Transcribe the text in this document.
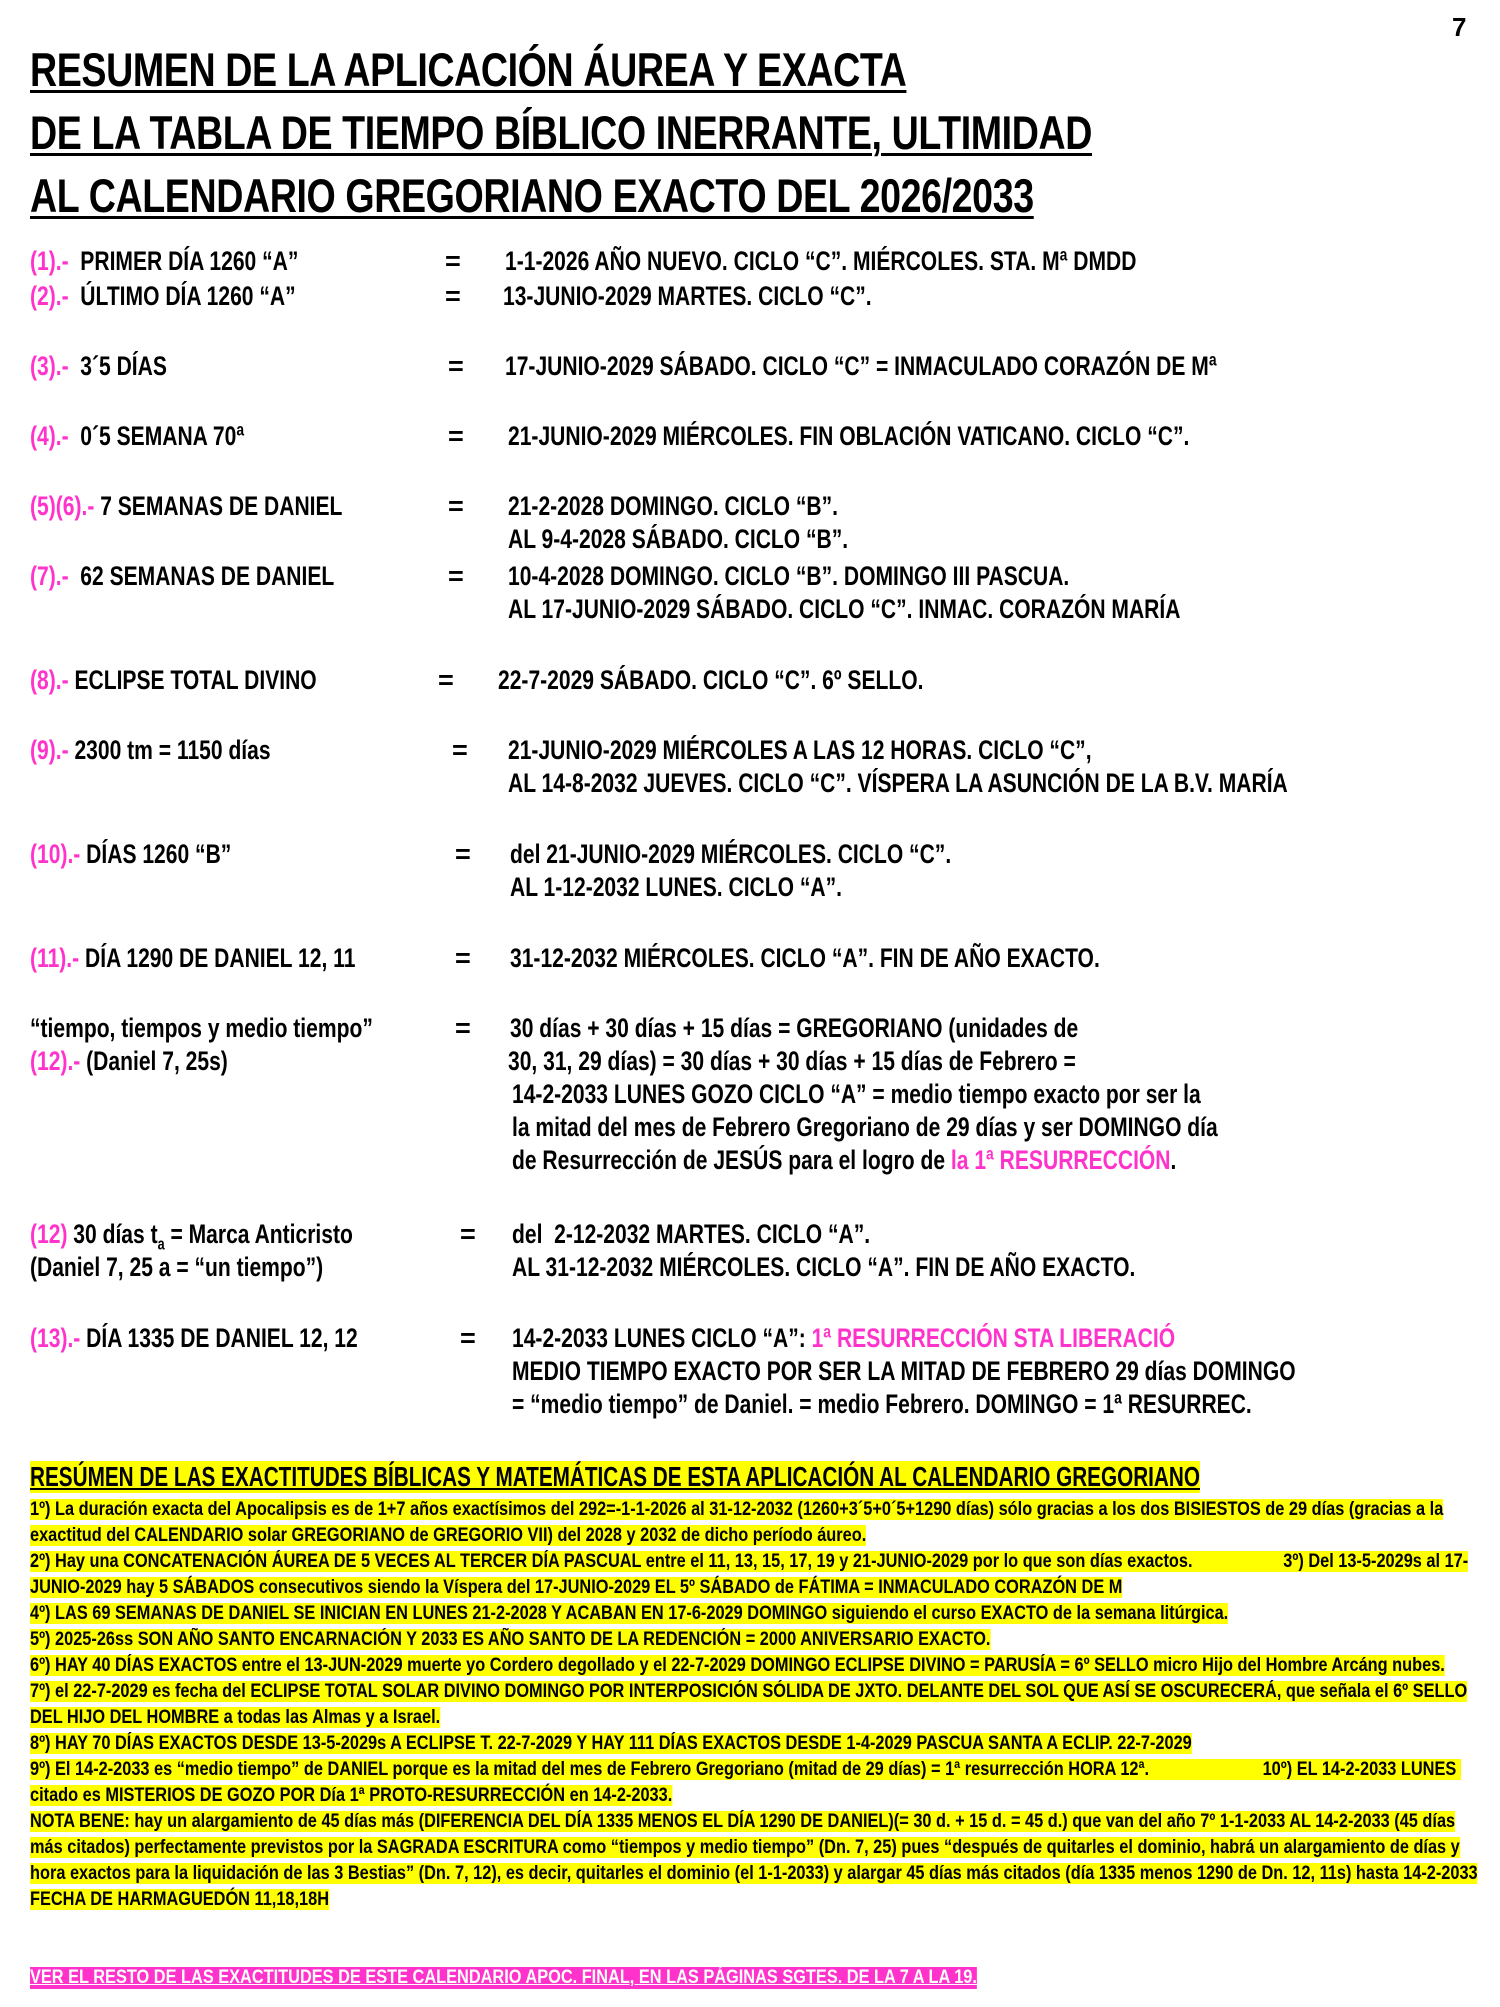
7
RESUMEN DE LA APLICACIÓN ÁUREA Y EXACTA
DE LA TABLA DE TIEMPO BÍBLICO INERRANTE, ULTIMIDAD
AL CALENDARIO GREGORIANO EXACTO DEL 2026/2033
(1).-  PRIMER DÍA 1260 “A”	= 1-1-2026 AÑO NUEVO. CICLO “C”. MIÉRCOLES. STA. Mª DMDD
(2).-  ÚLTIMO DÍA 1260 “A”	= 13-JUNIO-2029 MARTES. CICLO “C”.
(3).-  3´5 DÍAS	= 17-JUNIO-2029 SÁBADO. CICLO “C” = INMACULADO CORAZÓN DE Mª
(4).-  0´5 SEMANA 70ª	= 21-JUNIO-2029 MIÉRCOLES. FIN OBLACIÓN VATICANO. CICLO “C”.
(5)(6).- 7 SEMANAS DE DANIEL	= 21-2-2028 DOMINGO. CICLO “B”.
AL 9-4-2028 SÁBADO. CICLO “B”.
(7).-  62 SEMANAS DE DANIEL	= 10-4-2028 DOMINGO. CICLO “B”. DOMINGO III PASCUA.
AL 17-JUNIO-2029 SÁBADO. CICLO “C”. INMAC. CORAZÓN MARÍA
(8).- ECLIPSE TOTAL DIVINO	= 22-7-2029 SÁBADO. CICLO “C”. 6º SELLO.
(9).- 2300 tm = 1150 días	= 21-JUNIO-2029 MIÉRCOLES A LAS 12 HORAS. CICLO “C”,
AL 14-8-2032 JUEVES. CICLO “C”. VÍSPERA LA ASUNCIÓN DE LA B.V. MARÍA
(10).- DÍAS 1260 “B”	= del 21-JUNIO-2029 MIÉRCOLES. CICLO “C”.
AL 1-12-2032 LUNES. CICLO “A”.
(11).- DÍA 1290 DE DANIEL 12, 11	= 31-12-2032 MIÉRCOLES. CICLO “A”. FIN DE AÑO EXACTO.
“tiempo, tiempos y medio tiempo”
(12).- (Daniel 7, 25s)
= 30 días + 30 días + 15 días = GREGORIANO (unidades de
30, 31, 29 días) = 30 días + 30 días + 15 días de Febrero =
14-2-2033 LUNES GOZO CICLO “A” = medio tiempo exacto por ser la
la mitad del mes de Febrero Gregoriano de 29 días y ser DOMINGO día
de Resurrección de JESÚS para el logro de la 1ª RESURRECCIÓN.
(12) 30 días $t_a$ = Marca Anticristo
(Daniel 7, 25 a = “un tiempo”)
= del  2-12-2032 MARTES. CICLO “A”.
AL 31-12-2032 MIÉRCOLES. CICLO “A”. FIN DE AÑO EXACTO.
(13).- DÍA 1335 DE DANIEL 12, 12	= 14-2-2033 LUNES CICLO “A”: 1ª RESURRECCIÓN STA LIBERACIÓ
MEDIO TIEMPO EXACTO POR SER LA MITAD DE FEBRERO 29 días DOMINGO
= “medio tiempo” de Daniel. = medio Febrero. DOMINGO = 1ª RESURREC.
RESÚMEN DE LAS EXACTITUDES BÍBLICAS Y MATEMÁTICAS DE ESTA APLICACIÓN AL CALENDARIO GREGORIANO

1º) La duración exacta del Apocalipsis es de 1+7 años exactísimos del 292=-1-1-2026 al 31-12-2032 (1260+3´5+0´5+1290 días) sólo gracias a los dos BISIESTOS de 29 días (gracias a la exactitud del CALENDARIO solar GREGORIANO de GREGORIO VII) del 2028 y 2032 de dicho período áureo.

2º) Hay una CONCATENACIÓN ÁUREA DE 5 VECES AL TERCER DÍA PASCUAL entre el 11, 13, 15, 17, 19 y 21-JUNIO-2029 por lo que son días exactos.                    3º) Del 13-5-2029s al 17-JUNIO-2029 hay 5 SÁBADOS consecutivos siendo la Víspera del 17-JUNIO-2029 EL 5º SÁBADO de FÁTIMA = INMACULADO CORAZÓN DE M

4º) LAS 69 SEMANAS DE DANIEL SE INICIAN EN LUNES 21-2-2028 Y ACABAN EN 17-6-2029 DOMINGO siguiendo el curso EXACTO de la semana litúrgica.

5º) 2025-26ss SON AÑO SANTO ENCARNACIÓN Y 2033 ES AÑO SANTO DE LA REDENCIÓN = 2000 ANIVERSARIO EXACTO.

6º) HAY 40 DÍAS EXACTOS entre el 13-JUN-2029 muerte yo Cordero degollado y el 22-7-2029 DOMINGO ECLIPSE DIVINO = PARUSÍA = 6º SELLO micro Hijo del Hombre Arcáng nubes.

7º) el 22-7-2029 es fecha del ECLIPSE TOTAL SOLAR DIVINO DOMINGO POR INTERPOSICIÓN SÓLIDA DE JXTO. DELANTE DEL SOL QUE ASÍ SE OSCURECERÁ, que señala el 6º SELLO DEL HIJO DEL HOMBRE a todas las Almas y a Israel.

8º) HAY 70 DÍAS EXACTOS DESDE 13-5-2029s A ECLIPSE T. 22-7-2029 Y HAY 111 DÍAS EXACTOS DESDE 1-4-2029 PASCUA SANTA A ECLIP. 22-7-2029

9º) El 14-2-2033 es “medio tiempo” de DANIEL porque es la mitad del mes de Febrero Gregoriano (mitad de 29 días) = 1ª resurrección HORA 12ª.                         10º) EL 14-2-2033 LUNES citado es MISTERIOS DE GOZO POR Día 1ª PROTO-RESURRECCIÓN en 14-2-2033.

NOTA BENE: hay un alargamiento de 45 días más (DIFERENCIA DEL DÍA 1335 MENOS EL DÍA 1290 DE DANIEL)(= 30 d. + 15 d. = 45 d.) que van del año 7º 1-1-2033 AL 14-2-2033 (45 días más citados) perfectamente previstos por la SAGRADA ESCRITURA como “tiempos y medio tiempo” (Dn. 7, 25) pues “después de quitarles el dominio, habrá un alargamiento de días y hora exactos para la liquidación de las 3 Bestias” (Dn. 7, 12), es decir, quitarles el dominio (el 1-1-2033) y alargar 45 días más citados (día 1335 menos 1290 de Dn. 12, 11s) hasta 14-2-2033 FECHA DE HARMAGUEDÓN 11,18,18H

VER EL RESTO DE LAS EXACTITUDES DE ESTE CALENDARIO APOC. FINAL, EN LAS PÁGINAS SGTES. DE LA 7 A LA 19.
